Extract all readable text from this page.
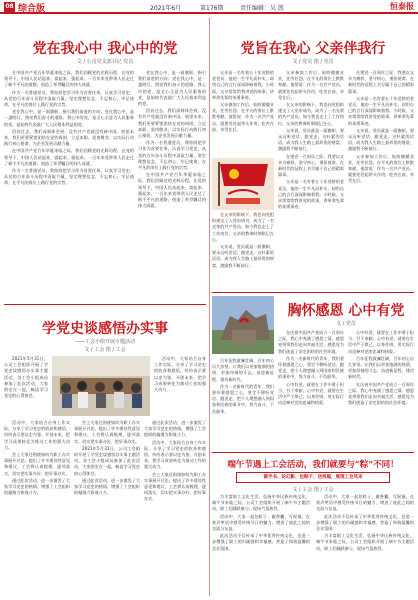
08 综合版	2021年6月	第176期	责任编辑：吴 凯	恒泰报
党在我心中 我心中的党
文 / 公司党支部书记 党员

在中国共产党百年华诞来临之际，我们回顾党的光辉历程，在党的领导下，中国人民站起来、富起来、强起来。一百年来党带领人民走过了极不平凡的道路，创造了举世瞩目的伟大成就。

作为一名普通党员，我始终把学习作为首要任务，认真学习党史，从党的百年奋斗历程中汲取力量，坚定理想信念，不忘初心、牢记使命，在平凡的岗位上践行党的宗旨。

党在我心中，是一面旗帜，指引我们前进的方向；党在我心中，是一盏明灯，照亮我们奋斗的道路。我心中的党，是全心全意为人民服务的党，是始终代表最广大人民根本利益的党。

回首过去，我们深刻体会到，没有共产党就没有新中国。展望未来，我们更要紧密团结在党的周围，立足本职，爱岗敬业，以实际行动践行初心使命，为企业发展贡献力量。

在中国共产党百年华诞来临之际，我们回顾党的光辉历程，在党的领导下，中国人民站起来、富起来、强起来。一百年来党带领人民走过了极不平凡的道路，创造了举世瞩目的伟大成就。

作为一名普通党员，我始终把学习作为首要任务，认真学习党史，从党的百年奋斗历程中汲取力量，坚定理想信念，不忘初心、牢记使命，在平凡的岗位上践行党的宗旨。

党在我心中，是一面旗帜，指引我们前进的方向；党在我心中，是一盏明灯，照亮我们奋斗的道路。我心中的党，是全心全意为人民服务的党，是始终代表最广大人民根本利益的党。

回首过去，我们深刻体会到，没有共产党就没有新中国。展望未来，我们更要紧密团结在党的周围，立足本职，爱岗敬业，以实际行动践行初心使命，为企业发展贡献力量。

作为一名普通党员，我始终把学习作为首要任务，认真学习党史，从党的百年奋斗历程中汲取力量，坚定理想信念，不忘初心、牢记使命，在平凡的岗位上践行党的宗旨。

在中国共产党百年华诞来临之际，我们回顾党的光辉历程，在党的领导下，中国人民站起来、富起来、强起来。一百年来党带领人民走过了极不平凡的道路，创造了举世瞩目的伟大成就。

学党史谈感悟办实事
——工会小组开展专题活动
文 / 工会 图 / 工会

2021年5月31日，公司工会组织开展了学党史谈感悟办实事主题活动，各工会小组成员参加了此次活动，大家围坐在一起，畅谈学习党史的心得体会。

活动中，大家结合自身工作实际，分享了学习党史的收获和感悟，纷纷表示要以史为鉴、开创未来，把学习成果转化为推动工作的强大动力。

活动中，大家结合自身工作实际，分享了学习党史的收获和感悟，纷纷表示要以史为鉴、开创未来，把学习成果转化为推动工作的强大动力。

会上大家还围绕如何为职工办实事展开讨论，提出了许多建设性意见和建议，工会将认真梳理，逐项落实，切实把实事办好、把好事办实。

通过此次活动，进一步激发了大家学习党史的热情，增强了工会组织的凝聚力和战斗力。

会上大家还围绕如何为职工办实事展开讨论，提出了许多建设性意见和建议，工会将认真梳理，逐项落实，切实把实事办好、把好事办实。

2021年5月31日，公司工会组织开展了学党史谈感悟办实事主题活动，各工会小组成员参加了此次活动，大家围坐在一起，畅谈学习党史的心得体会。

通过此次活动，进一步激发了大家学习党史的热情，增强了工会组织的凝聚力和战斗力。

通过此次活动，进一步激发了大家学习党史的热情，增强了工会组织的凝聚力和战斗力。

活动中，大家结合自身工作实际，分享了学习党史的收获和感悟，纷纷表示要以史为鉴、开创未来，把学习成果转化为推动工作的强大动力。

会上大家还围绕如何为职工办实事展开讨论，提出了许多建设性意见和建议，工会将认真梳理，逐项落实，切实把实事办好、把好事办实。

党旨在我心 父亲伴我行
文 / 党员 图 / 党员

父亲是一名有着五十年党龄的老党员，他的一生平凡而朴实，却用自己的言行深深影响着我。小时候，父亲常常给我讲党的故事，讲革命先辈的英勇事迹。

父亲参加工作后，始终兢兢业业，任劳任怨，在平凡的岗位上默默奉献。他常说：作为一名共产党员，就要处处起带头作用，吃苦在前，享受在后。

在父亲的影响下，我也向党组织递交了入党申请书，成为了一名光荣的共产党员。如今我也走上了工作岗位，父亲的教诲时刻铭记在心。

父亲说，党员就是一面旗帜，要永远听党话、跟党走。这朴素的话语，成为我人生路上最珍贵的财富，激励我不断前行。

父亲参加工作后，始终兢兢业业，任劳任怨，在平凡的岗位上默默奉献。他常说：作为一名共产党员，就要处处起带头作用，吃苦在前，享受在后。

在父亲的影响下，我也向党组织递交了入党申请书，成为了一名光荣的共产党员。如今我也走上了工作岗位，父亲的教诲时刻铭记在心。

父亲说，党员就是一面旗帜，要永远听党话、跟党走。这朴素的话语，成为我人生路上最珍贵的财富，激励我不断前行。

在建党一百周年之际，我要以父亲为榜样，坚守初心，勇担使命，在新时代的征程上书写属于自己的精彩篇章。

父亲是一名有着五十年党龄的老党员，他的一生平凡而朴实，却用自己的言行深深影响着我。小时候，父亲常常给我讲党的故事，讲革命先辈的英勇事迹。

在建党一百周年之际，我要以父亲为榜样，坚守初心，勇担使命，在新时代的征程上书写属于自己的精彩篇章。

父亲是一名有着五十年党龄的老党员，他的一生平凡而朴实，却用自己的言行深深影响着我。小时候，父亲常常给我讲党的故事，讲革命先辈的英勇事迹。

父亲说，党员就是一面旗帜，要永远听党话、跟党走。这朴素的话语，成为我人生路上最珍贵的财富，激励我不断前行。

父亲参加工作后，始终兢兢业业，任劳任怨，在平凡的岗位上默默奉献。他常说：作为一名共产党员，就要处处起带头作用，吃苦在前，享受在后。

胸怀感恩 心中有党
文 / 党员

在庆祝中国共产党成立一百周年之际，我心中充满了感恩之情。感恩党带领我们走向幸福生活，感恩党为我们创造了安定团结的社会环境。

作为一名新时代的青年，我们要怀着感恩之心，坚定不移听党话、跟党走，把个人理想融入到国家和民族的事业中，努力奋斗，不负韶华。

心中有党，就要在工作中勇于担当、甘于奉献；心中有党，就要在生活中严于律己、以身作则，用实际行动诠释对党的忠诚和热爱。

心中有党，就要在工作中勇于担当、甘于奉献；心中有党，就要在生活中严于律己、以身作则，用实际行动诠释对党的忠诚和热爱。

百年征程波澜壮阔，百年初心历久弥坚。让我们以更加饱满的热情、更加昂扬的斗志，奋进新征程，建功新时代。

在庆祝中国共产党成立一百周年之际，我心中充满了感恩之情。感恩党带领我们走向幸福生活，感恩党为我们创造了安定团结的社会环境。

百年征程波澜壮阔，百年初心历久弥坚。让我们以更加饱满的热情、更加昂扬的斗志，奋进新征程，建功新时代。

作为一名新时代的青年，我们要怀着感恩之心，坚定不移听党话、跟党走，把个人理想融入到国家和民族的事业中，努力奋斗，不负韶华。

端午节遇上工会活动，我们就要与“粽”不同！
做手书、论幻影、包粽子、送祝福，展现工会风采
文 / 工会 图 / 工会

为丰富职工文化生活，弘扬中华民族传统文化，端午节来临之际，公司工会组织开展了端午节主题活动，职工们踊跃参与，现场气氛热烈。

活动中，大家一起包粽子、做香囊、写祝福，在欢声笑语中感受传统节日的魅力，增进了彼此之间的交流与友谊。

此次活动不仅传承了中华优秀传统文化，也进一步增强了职工的归属感和幸福感，营造了和谐温馨的企业氛围。

活动中，大家一起包粽子、做香囊、写祝福，在欢声笑语中感受传统节日的魅力，增进了彼此之间的交流与友谊。

此次活动不仅传承了中华优秀传统文化，也进一步增强了职工的归属感和幸福感，营造了和谐温馨的企业氛围。

为丰富职工文化生活，弘扬中华民族传统文化，端午节来临之际，公司工会组织开展了端午节主题活动，职工们踊跃参与，现场气氛热烈。
